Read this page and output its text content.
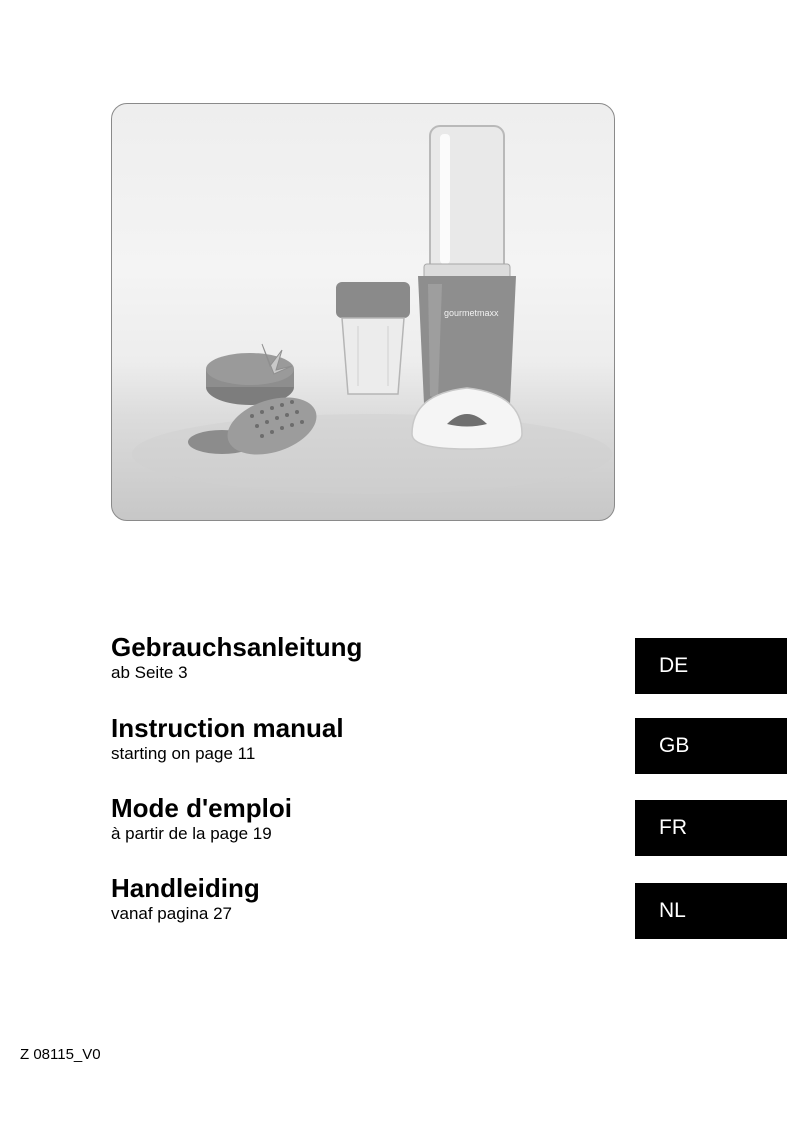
gourmetmaxx
Gebrauchsanleitung
ab Seite 3	DE
Instruction manual
starting on page 11	GB
Mode d'emploi
à partir de la page 19	FR
Handleiding
vanaf pagina 27	NL
Z 08115_V0
